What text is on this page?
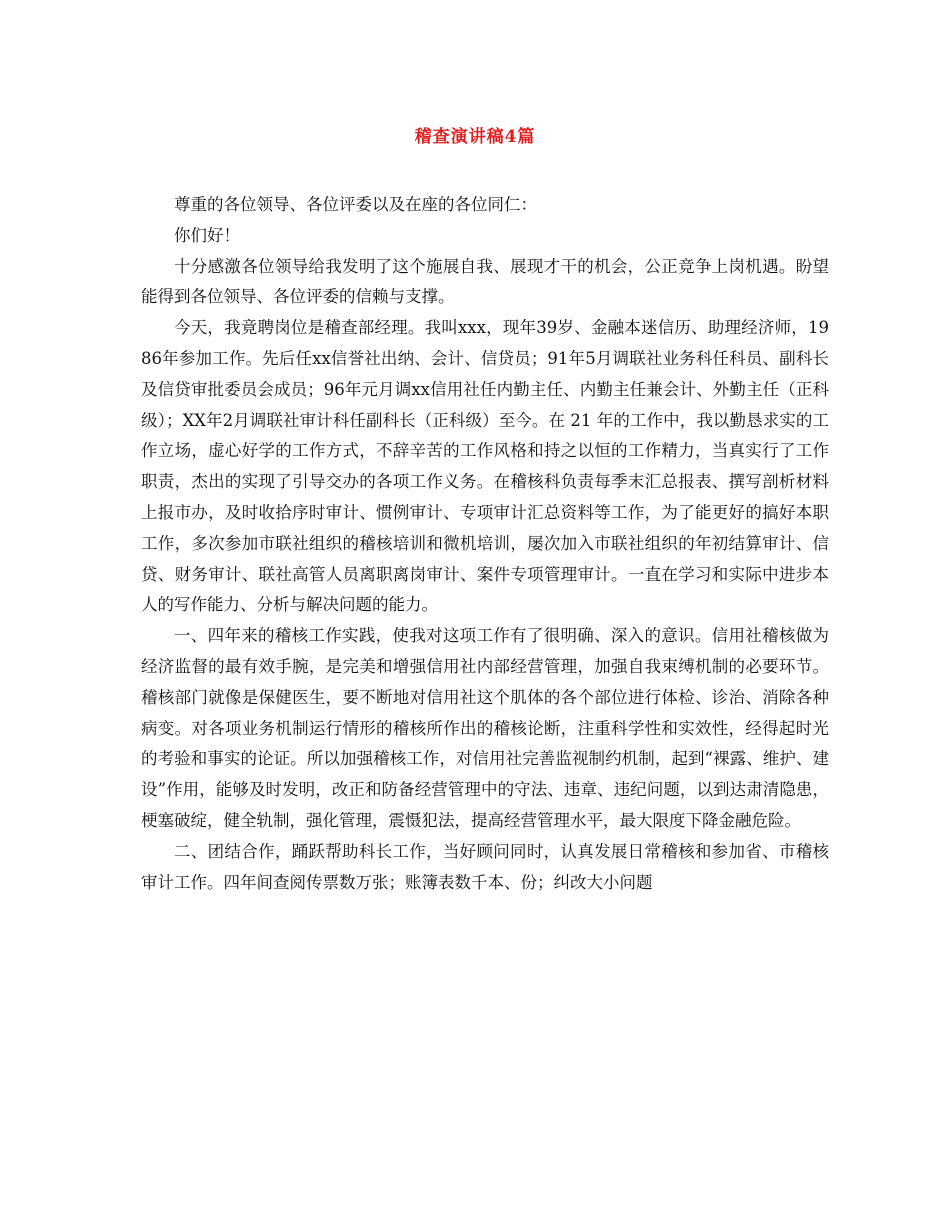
稽查演讲稿4篇

尊重的各位领导、各位评委以及在座的各位同仁：

你们好！

十分感激各位领导给我发明了这个施展自我、展现才干的机会，公正竞争上岗机遇。盼望能得到各位领导、各位评委的信赖与支撑。

今天，我竟聘岗位是稽查部经理。我叫xxx，现年39岁、金融本迷信历、助理经济师，1986年参加工作。先后任xx信誉社出纳、会计、信贷员；91年5月调联社业务科任科员、副科长及信贷审批委员会成员；96年元月调xx信用社任内勤主任、内勤主任兼会计、外勤主任（正科级）；XX年2月调联社审计科任副科长（正科级）至今。在 21 年的工作中，我以勤恳求实的工作立场，虚心好学的工作方式，不辞辛苦的工作风格和持之以恒的工作精力，当真实行了工作职责，杰出的实现了引导交办的各项工作义务。在稽核科负责每季末汇总报表、撰写剖析材料上报市办，及时收拾序时审计、惯例审计、专项审计汇总资料等工作，为了能更好的搞好本职工作，多次参加市联社组织的稽核培训和微机培训，屡次加入市联社组织的年初结算审计、信贷、财务审计、联社高管人员离职离岗审计、案件专项管理审计。一直在学习和实际中进步本人的写作能力、分析与解决问题的能力。

一、四年来的稽核工作实践，使我对这项工作有了很明确、深入的意识。信用社稽核做为经济监督的最有效手腕，是完美和增强信用社内部经营管理，加强自我束缚机制的必要环节。稽核部门就像是保健医生，要不断地对信用社这个肌体的各个部位进行体检、诊治、消除各种病变。对各项业务机制运行情形的稽核所作出的稽核论断，注重科学性和实效性，经得起时光的考验和事实的论证。所以加强稽核工作，对信用社完善监视制约机制，起到“裸露、维护、建设”作用，能够及时发明，改正和防备经营管理中的守法、违章、违纪问题，以到达肃清隐患，梗塞破绽，健全轨制，强化管理，震慑犯法，提高经营管理水平，最大限度下降金融危险。

二、团结合作，踊跃帮助科长工作，当好顾问同时，认真发展日常稽核和参加省、市稽核审计工作。四年间查阅传票数万张；账簿表数千本、份；纠改大小问题
